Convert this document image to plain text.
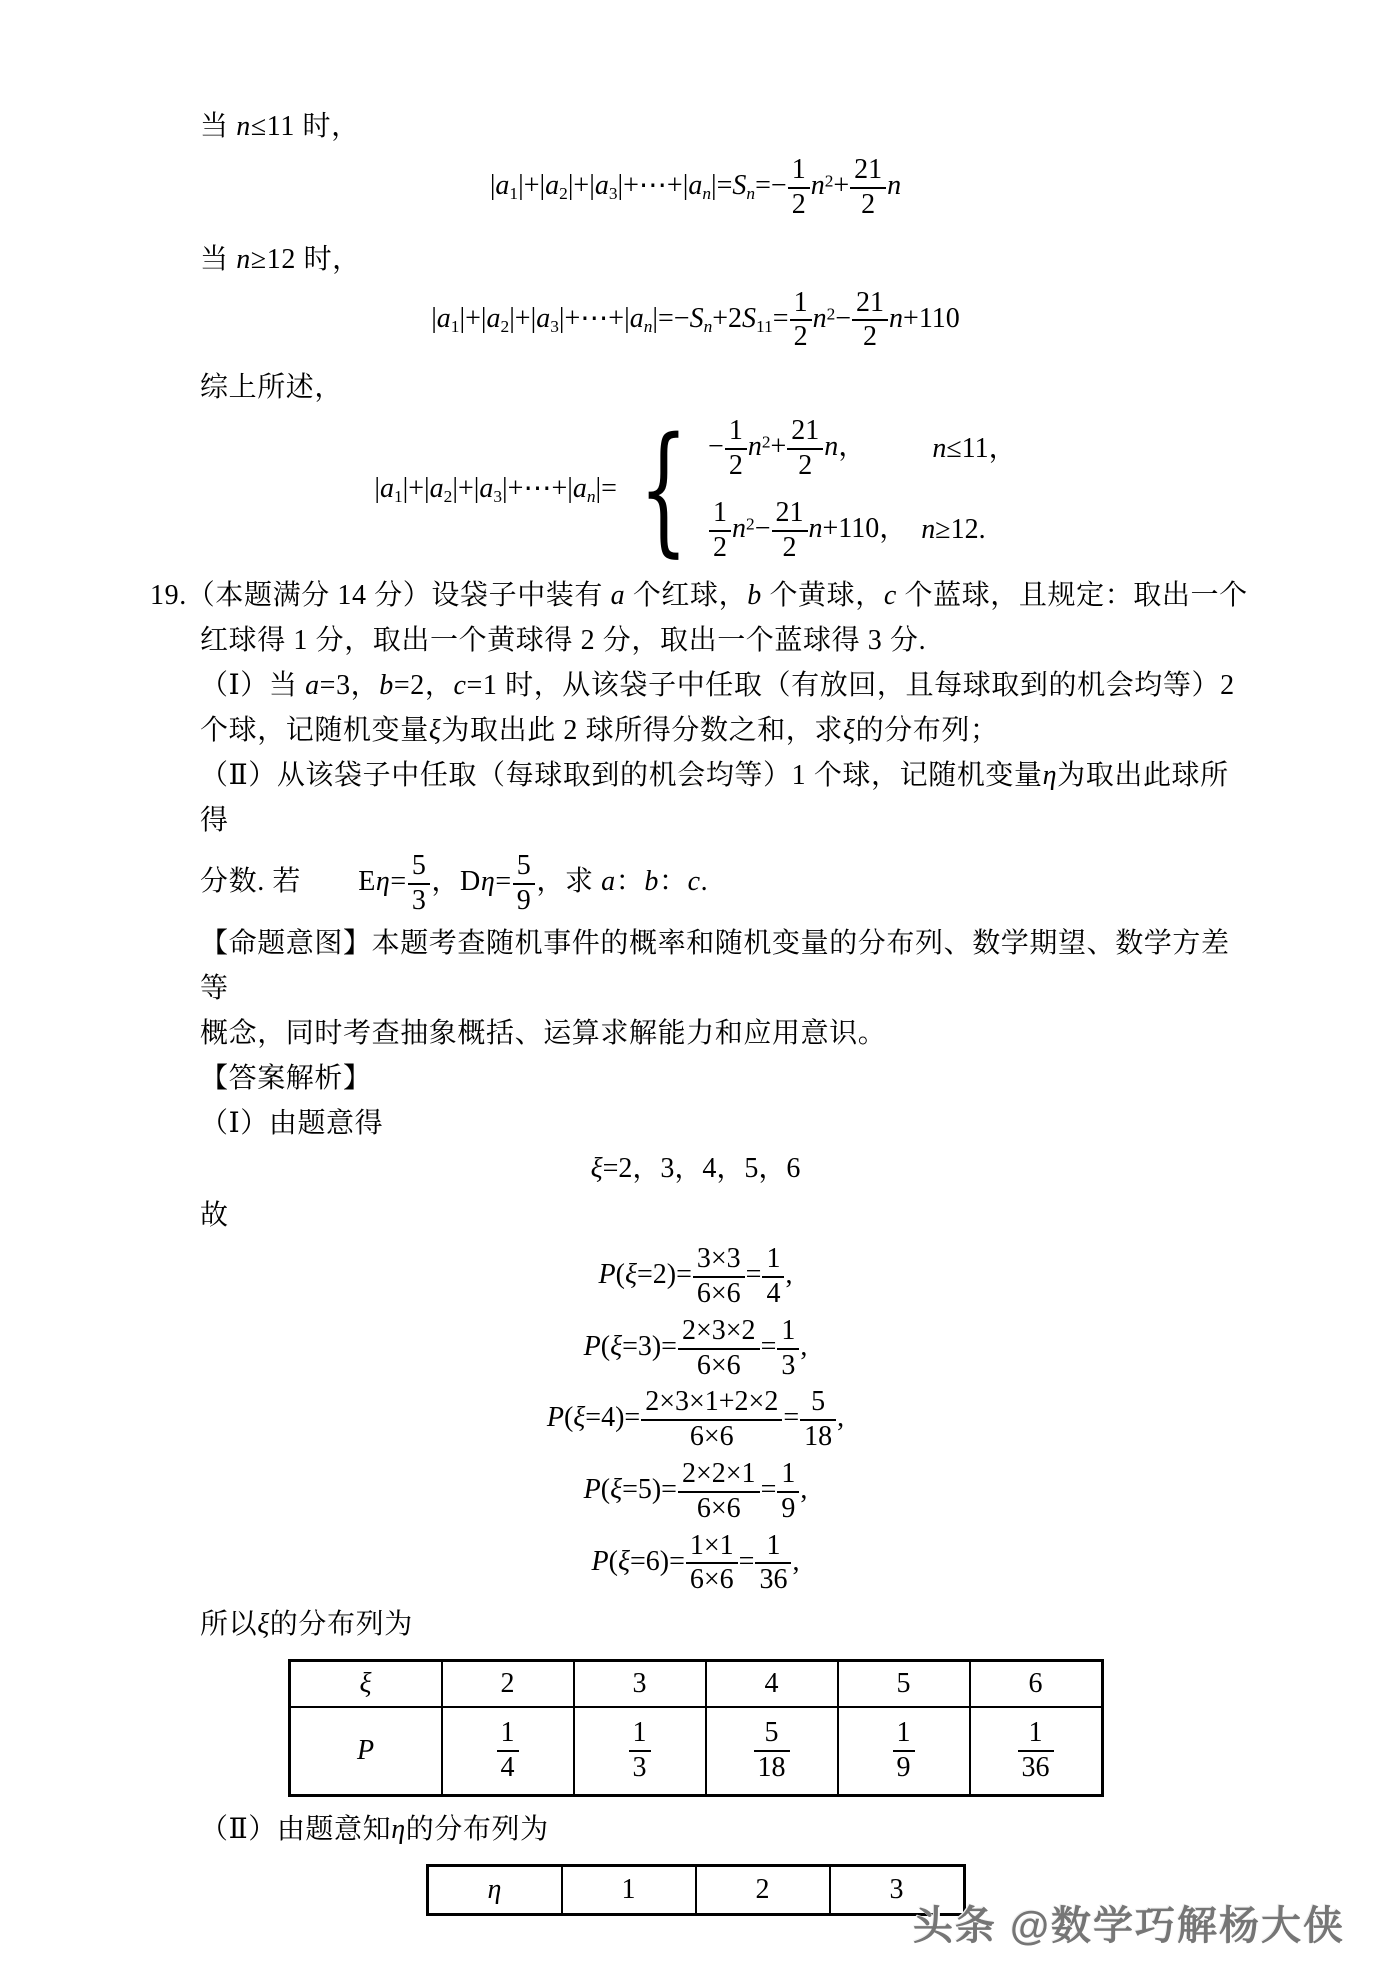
当 n≤11 时，
$|a_1|+|a_2|+|a_3|+\cdots+|a_n|=S_n=- \frac{1}{2} n^2+ \frac{21}{2}$ n
当 n≥12 时，
$|a_1|+|a_2|+|a_3|+\cdots+|a_n|=-S_n+2S_{11}= \frac{1}{2} n^2- \frac{21}{2} n+110$
综上所述，
$|a_1|+|a_2|+|a_3|+\cdots+|a_n|=$ { − $\frac{1}{2} n^2+ \frac{21}{2}$ n， n≤11，
$\frac{1}{2} n^2- \frac{21}{2} n+110$， n≥12.
19.（本题满分 14 分）设袋子中装有 a 个红球，b 个黄球，c 个蓝球，且规定：取出一个
红球得 1 分，取出一个黄球得 2 分，取出一个蓝球得 3 分.
（Ⅰ）当 a=3，b=2，c=1 时，从该袋子中任取（有放回，且每球取到的机会均等）2
个球，记随机变量ξ为取出此 2 球所得分数之和，求ξ的分布列；
（Ⅱ）从该袋子中任取（每球取到的机会均等）1 个球，记随机变量η为取出此球所得
分数. 若　　$E\eta= \frac{5}{3}$ ，$D\eta= \frac{5}{9}$ ，求 a：b：c.
【命题意图】本题考查随机事件的概率和随机变量的分布列、数学期望、数学方差等
概念，同时考查抽象概括、运算求解能力和应用意识。
【答案解析】
（Ⅰ）由题意得
ξ=2，3，4，5，6
故
$P(\xi=2)= \frac{3\times 3}{6\times 6} = \frac{1}{4}$ ,
$P(\xi=3)= \frac{2\times 3\times 2}{6\times 6} = \frac{1}{3}$ ,
$P(\xi=4)= \frac{2\times 3\times 1+2\times 2}{6\times 6} = \frac{5}{18}$ ,
$P(\xi=5)= \frac{2\times 2\times 1}{6\times 6} = \frac{1}{9}$ ,
$P(\xi=6)= \frac{1\times 1}{6\times 6} = \frac{1}{36}$ ,
所以ξ的分布列为
ξ	2	3	4	5	6
P	$\frac{1}{4}$	$\frac{1}{3}$	$\frac{5}{18}$	$\frac{1}{9}$	$\frac{1}{36}$
（Ⅱ）由题意知η的分布列为
η	1	2	3
头条 @数学巧解杨大侠
